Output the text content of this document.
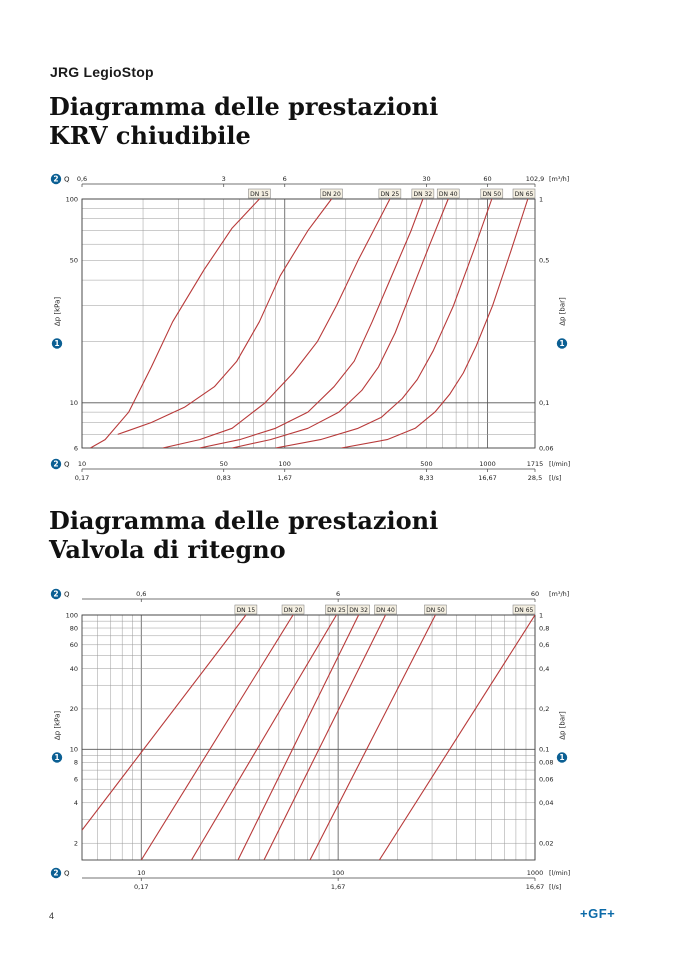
JRG LegioStop
Diagramma delle prestazioni
KRV chiudibile
0,6	3	6	30	60	102,9 [m³/h]
2 Q
2 Q 10	50	100	500	1000	1715
0,17	0,83	1,67	8,33	16,67	28,5
[l/min]
[l/s]
100
50
10
6
1
0,5
0,1
0,06
1
Δp [kPa]
1
Δp [bar]
DN 15	DN 20	DN 25 DN 32 DN 40	DN 50 DN 65
Diagramma delle prestazioni
Valvola di ritegno
0,6	6	60 [m³/h]
2 Q
2 Q	10	100	1000
0,17	1,67	16,67
[l/min]
[l/s]
100
80
60
40
20
10
8
6
4
2
1
0,8
0,6
0,4
0,2
0,1
0,08
0,06
0,04
0,02
1
Δp [kPa]
1
Δp [bar]
DN 15	DN 20	DN 25 DN 32 DN 40	DN 50	DN 65
4	+GF+
